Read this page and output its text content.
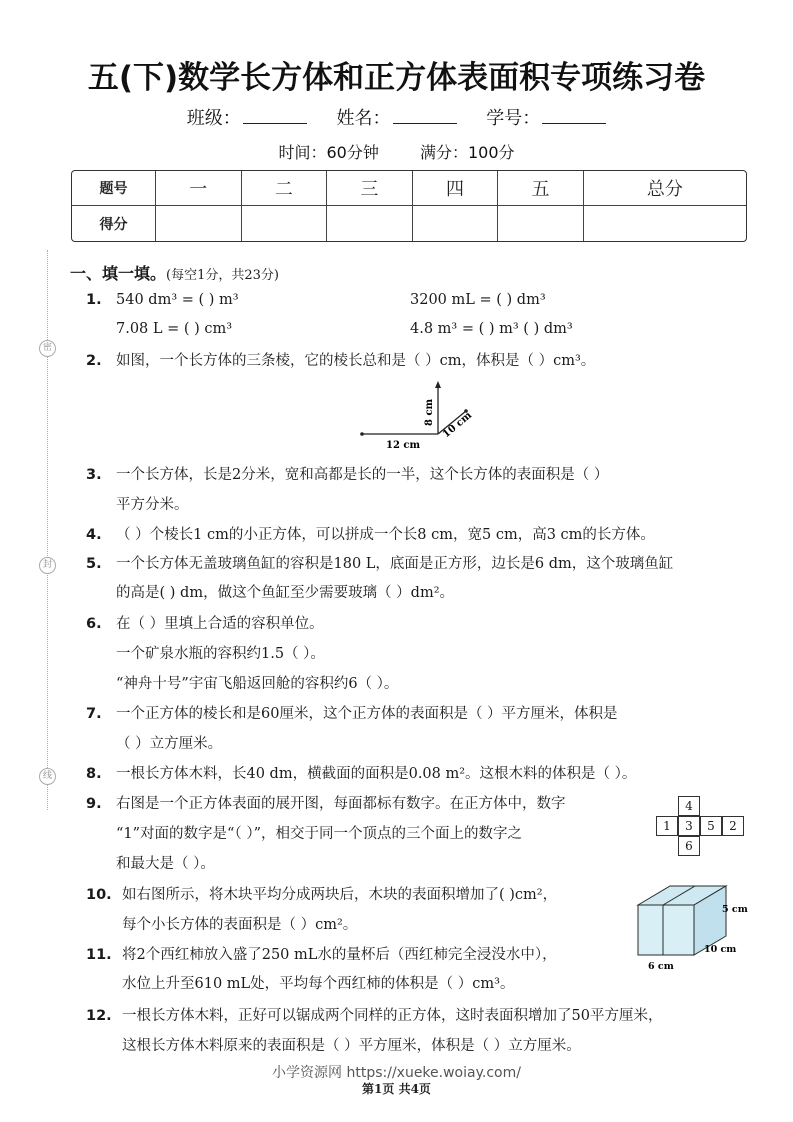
五(下)数学长方体和正方体表面积专项练习卷
班级：	姓名：	学号：
时间：60分钟	满分：100分
题号	一	二	三	四	五	总分
得分						
密
封
线
一、填一填。(每空1分，共23分)
1. 540 dm³ = ( ) m³	3200 mL = ( ) dm³
7.08 L = ( ) cm³	4.8 m³ = ( ) m³ ( ) dm³
2. 如图，一个长方体的三条棱，它的棱长总和是（ ）cm，体积是（ ）cm³。
12 cm
8 cm 10 cm
3. 一个长方体，长是2分米，宽和高都是长的一半，这个长方体的表面积是（ ）
平方分米。
4. （ ）个棱长1 cm的小正方体，可以拼成一个长8 cm，宽5 cm，高3 cm的长方体。
5. 一个长方体无盖玻璃鱼缸的容积是180 L，底面是正方形，边长是6 dm，这个玻璃鱼缸
的高是( ) dm，做这个鱼缸至少需要玻璃（ ）dm²。
6. 在（ ）里填上合适的容积单位。
一个矿泉水瓶的容积约1.5（ ）。
“神舟十号”宇宙飞船返回舱的容积约6（ ）。
7. 一个正方体的棱长和是60厘米，这个正方体的表面积是（ ）平方厘米，体积是
（ ）立方厘米。
8. 一根长方体木料，长40 dm，横截面的面积是0.08 m²。这根木料的体积是（ ）。
9. 右图是一个正方体表面的展开图，每面都标有数字。在正方体中，数字
“1”对面的数字是“（ ）”，相交于同一个顶点的三个面上的数字之
和最大是（ ）。
4
1	3	5	2
6
10. 如右图所示，将木块平均分成两块后，木块的表面积增加了( )cm²，
每个小长方体的表面积是（ ）cm²。
5 cm
10 cm
6 cm
11. 将2个西红柿放入盛了250 mL水的量杯后（西红柿完全浸没水中），
水位上升至610 mL处，平均每个西红柿的体积是（ ）cm³。
12. 一根长方体木料，正好可以锯成两个同样的正方体，这时表面积增加了50平方厘米，
这根长方体木料原来的表面积是（ ）平方厘米，体积是（ ）立方厘米。
小学资源网 https://xueke.woiay.com/
第1页 共4页
